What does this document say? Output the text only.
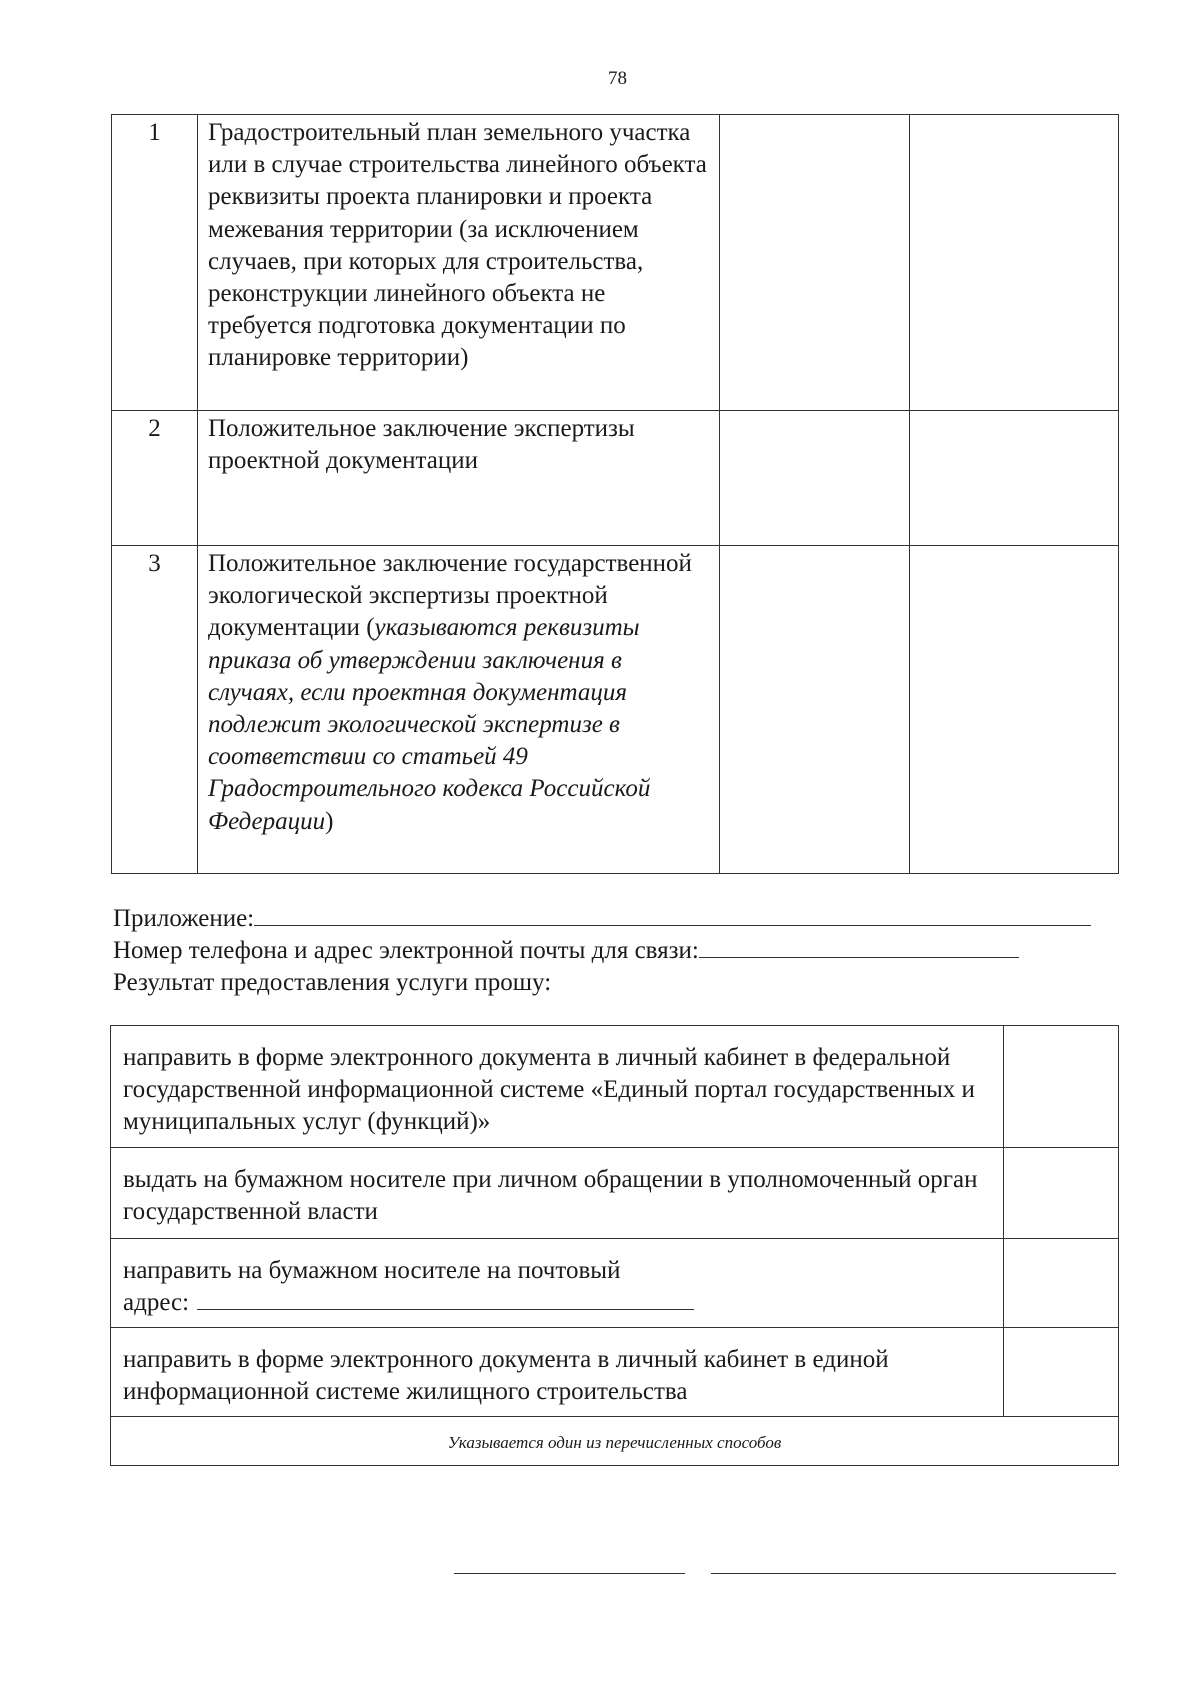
78
1	Градостроительный план земельного участка или в случае строительства линейного объекта реквизиты проекта планировки и проекта межевания территории (за исключением случаев, при которых для строительства, реконструкции линейного объекта не требуется подготовка документации по планировке территории)		
2	Положительное заключение экспертизы проектной документации		
3	Положительное заключение государственной экологической экспертизы проектной документации (указываются реквизиты приказа об утверждении заключения в случаях, если проектная документация подлежит экологической экспертизе в соответствии со статьей 49 Градостроительного кодекса Российской Федерации)		
Приложение:
Номер телефона и адрес электронной почты для связи:
Результат предоставления услуги прошу:
направить в форме электронного документа в личный кабинет в федеральной государственной информационной системе «Единый портал государственных и муниципальных услуг (функций)»	
выдать на бумажном носителе при личном обращении в уполномоченный орган государственной власти	
направить на бумажном носителе на почтовый
адрес:	
направить в форме электронного документа в личный кабинет в единой информационной системе жилищного строительства	
Указывается один из перечисленных способов	
